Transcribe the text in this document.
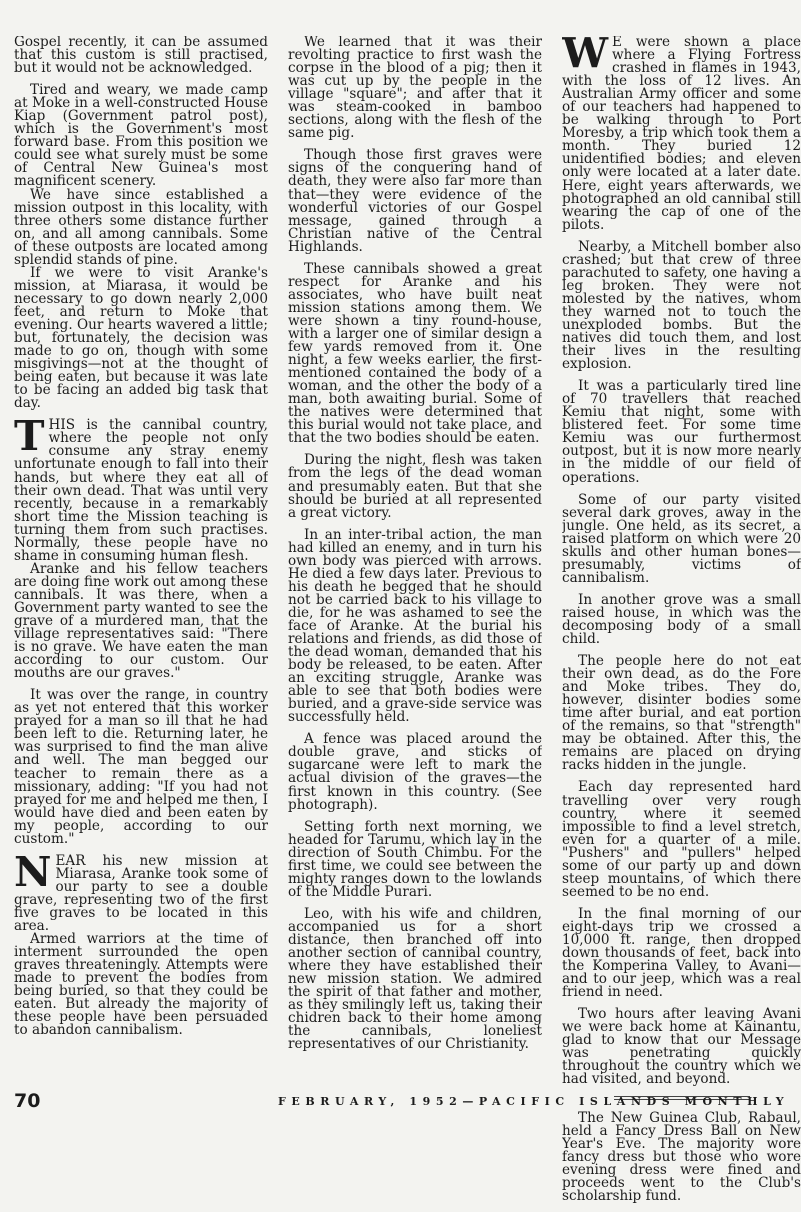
Gospel recently, it can be assumed that this custom is still practised, but it would not be acknowledged.

Tired and weary, we made camp at Moke in a well-constructed House Kiap (Government patrol post), which is the Government's most forward base. From this position we could see what surely must be some of Central New Guinea's most magnificent scenery.

We have since established a mission outpost in this locality, with three others some distance further on, and all among cannibals. Some of these outposts are located among splendid stands of pine.

If we were to visit Aranke's mission, at Miarasa, it would be necessary to go down nearly 2,000 feet, and return to Moke that evening. Our hearts wavered a little; but, fortunately, the decision was made to go on, though with some misgivings—not at the thought of being eaten, but because it was late to be facing an added big task that day.

THIS is the cannibal country, where the people not only consume any stray enemy unfortunate enough to fall into their hands, but where they eat all of their own dead. That was until very recently, because in a remarkably short time the Mission teaching is turning them from such practises. Normally, these people have no shame in consuming human flesh.

Aranke and his fellow teachers are doing fine work out among these cannibals. It was there, when a Government party wanted to see the grave of a murdered man, that the village representatives said: "There is no grave. We have eaten the man according to our custom. Our mouths are our graves."

It was over the range, in country as yet not entered that this worker prayed for a man so ill that he had been left to die. Returning later, he was surprised to find the man alive and well. The man begged our teacher to remain there as a missionary, adding: "If you had not prayed for me and helped me then, I would have died and been eaten by my people, according to our custom."

NEAR his new mission at Miarasa, Aranke took some of our party to see a double grave, representing two of the first five graves to be located in this area.

Armed warriors at the time of interment surrounded the open graves threateningly. Attempts were made to prevent the bodies from being buried, so that they could be eaten. But already the majority of these people have been persuaded to abandon cannibalism.

We learned that it was their revolting practice to first wash the corpse in the blood of a pig; then it was cut up by the people in the village "square"; and after that it was steam-cooked in bamboo sections, along with the flesh of the same pig.

Though those first graves were signs of the conquering hand of death, they were also far more than that—they were evidence of the wonderful victories of our Gospel message, gained through a Christian native of the Central Highlands.

These cannibals showed a great respect for Aranke and his associates, who have built neat mission stations among them. We were shown a tiny round-house, with a larger one of similar design a few yards removed from it. One night, a few weeks earlier, the first-mentioned contained the body of a woman, and the other the body of a man, both awaiting burial. Some of the natives were determined that this burial would not take place, and that the two bodies should be eaten.

During the night, flesh was taken from the legs of the dead woman and presumably eaten. But that she should be buried at all represented a great victory.

In an inter-tribal action, the man had killed an enemy, and in turn his own body was pierced with arrows. He died a few days later. Previous to his death he begged that he should not be carried back to his village to die, for he was ashamed to see the face of Aranke. At the burial his relations and friends, as did those of the dead woman, demanded that his body be released, to be eaten. After an exciting struggle, Aranke was able to see that both bodies were buried, and a grave-side service was successfully held.

A fence was placed around the double grave, and sticks of sugarcane were left to mark the actual division of the graves—the first known in this country. (See photograph).

Setting forth next morning, we headed for Tarumu, which lay in the direction of South Chimbu. For the first time, we could see between the mighty ranges down to the lowlands of the Middle Purari.

Leo, with his wife and children, accompanied us for a short distance, then branched off into another section of cannibal country, where they have established their new mission station. We admired the spirit of that father and mother, as they smilingly left us, taking their chidren back to their home among the cannibals, loneliest representatives of our Christianity.

W E were shown a place where a Flying Fortress crashed in flames in 1943, with the loss of 12 lives. An Australian Army officer and some of our teachers had happened to be walking through to Port Moresby, a trip which took them a month. They buried 12 unidentified bodies; and eleven only were located at a later date. Here, eight years afterwards, we photographed an old cannibal still wearing the cap of one of the pilots.

Nearby, a Mitchell bomber also crashed; but that crew of three parachuted to safety, one having a leg broken. They were not molested by the natives, whom they warned not to touch the unexploded bombs. But the natives did touch them, and lost their lives in the resulting explosion.

It was a particularly tired line of 70 travellers that reached Kemiu that night, some with blistered feet. For some time Kemiu was our furthermost outpost, but it is now more nearly in the middle of our field of operations.

Some of our party visited several dark groves, away in the jungle. One held, as its secret, a raised platform on which were 20 skulls and other human bones—presumably, victims of cannibalism.

In another grove was a small raised house, in which was the decomposing body of a small child.

The people here do not eat their own dead, as do the Fore and Moke tribes. They do, however, disinter bodies some time after burial, and eat portion of the remains, so that "strength" may be obtained. After this, the remains are placed on drying racks hidden in the jungle.

Each day represented hard travelling over very rough country, where it seemed impossible to find a level stretch, even for a quarter of a mile. "Pushers" and "pullers" helped some of our party up and down steep mountains, of which there seemed to be no end.

In the final morning of our eight-days trip we crossed a 10,000 ft. range, then dropped down thousands of feet, back into the Komperina Valley, to Avani—and to our jeep, which was a real friend in need.

Two hours after leaving Avani we were back home at Kainantu, glad to know that our Message was penetrating quickly throughout the country which we had visited, and beyond.

The New Guinea Club, Rabaul, held a Fancy Dress Ball on New Year's Eve. The majority wore fancy dress but those who wore evening dress were fined and proceeds went to the Club's scholarship fund.

70	FEBRUARY, 1952—PACIFIC ISLANDS MONTHLY
